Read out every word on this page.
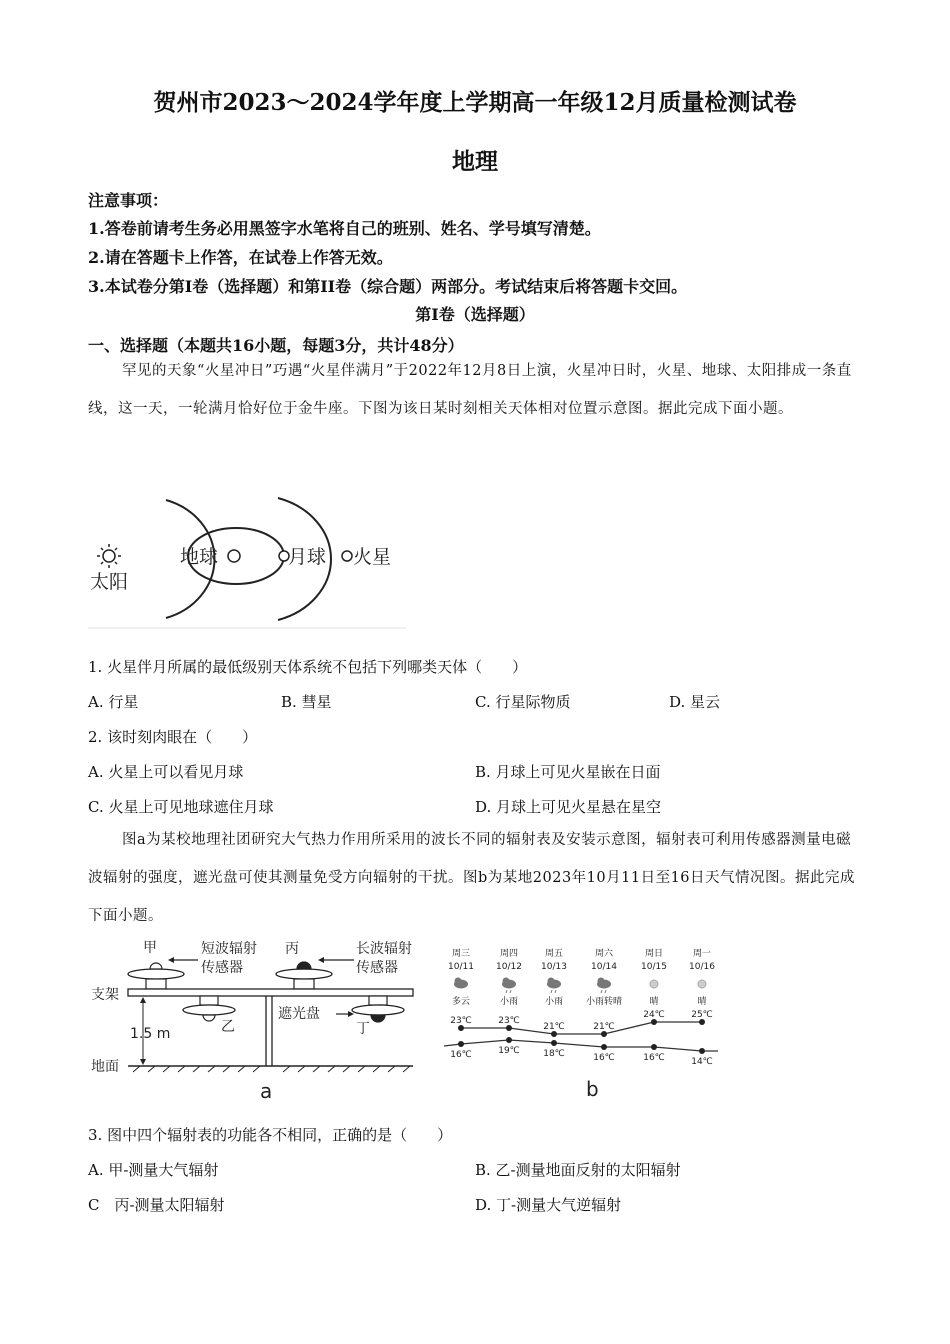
贺州市2023～2024学年度上学期高一年级12月质量检测试卷
地理
注意事项：
1.答卷前请考生务必用黑签字水笔将自己的班别、姓名、学号填写清楚。
2.请在答题卡上作答，在试卷上作答无效。
3.本试卷分第I卷（选择题）和第II卷（综合题）两部分。考试结束后将答题卡交回。
第I卷（选择题）
一、选择题（本题共16小题，每题3分，共计48分）
罕见的天象“火星冲日”巧遇“火星伴满月”于2022年12月8日上演，火星冲日时，火星、地球、太阳排成一条直线，这一天，一轮满月恰好位于金牛座。下图为该日某时刻相关天体相对位置示意图。据此完成下面小题。
太阳
地球	月球 火星
1. 火星伴月所属的最低级别天体系统不包括下列哪类天体（　　）
A. 行星	B. 彗星	C. 行星际物质	D. 星云
2. 该时刻肉眼在（　　）
A. 火星上可以看见月球	B. 月球上可见火星嵌在日面
C. 火星上可见地球遮住月球	D. 月球上可见火星悬在星空
图a为某校地理社团研究大气热力作用所采用的波长不同的辐射表及安装示意图，辐射表可利用传感器测量电磁波辐射的强度，遮光盘可使其测量免受方向辐射的干扰。图b为某地2023年10月11日至16日天气情况图。据此完成下面小题。
甲	短波辐射
传感器
丙	长波辐射
传感器
支架
乙
遮光盘
丁
1.5 m
地面
a
周三
10/11
多云
周四
10/12
小雨
周五
10/13
小雨
周六
10/14
小雨转晴
周日
10/15
晴
周一
10/16
晴
23℃
16℃
23℃
19℃
21℃
18℃
21℃
16℃
24℃
16℃
25℃
14℃
b
3. 图中四个辐射表的功能各不相同，正确的是（　　）
A. 甲-测量大气辐射	B. 乙-测量地面反射的太阳辐射
C　丙-测量太阳辐射	D. 丁-测量大气逆辐射
